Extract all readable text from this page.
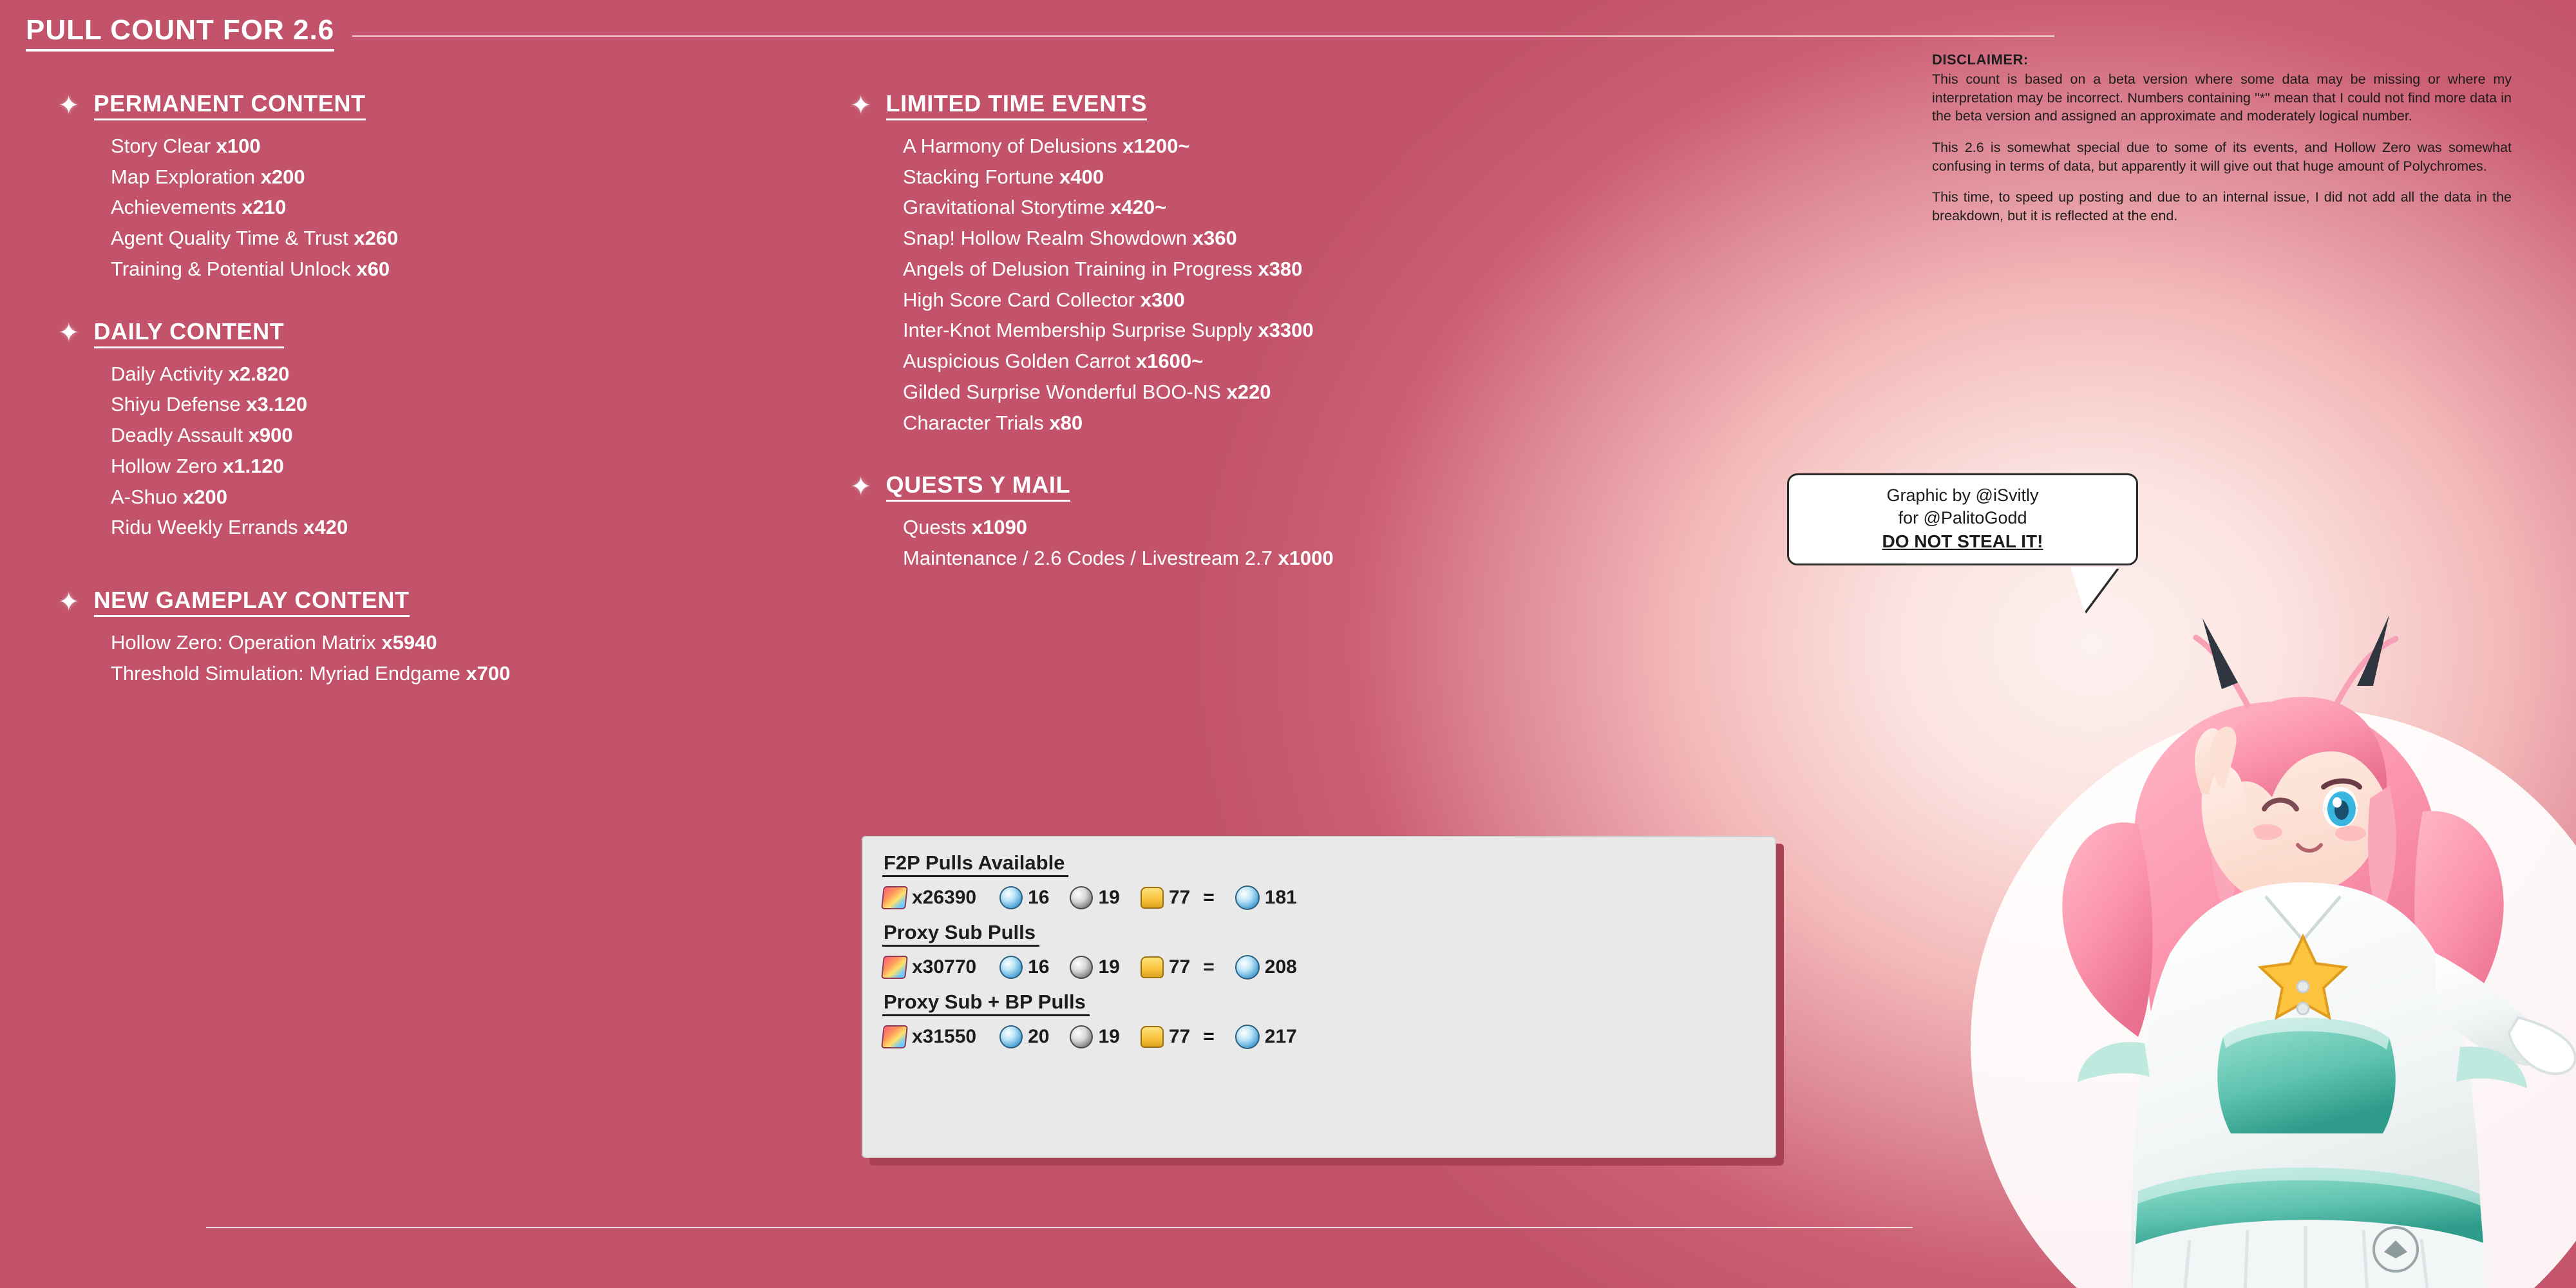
PULL COUNT FOR 2.6
✦ PERMANENT CONTENT
Story Clear x100
Map Exploration x200
Achievements x210
Agent Quality Time & Trust x260
Training & Potential Unlock x60
✦ DAILY CONTENT
Daily Activity x2.820
Shiyu Defense x3.120
Deadly Assault x900
Hollow Zero x1.120
A-Shuo x200
Ridu Weekly Errands x420
✦ NEW GAMEPLAY CONTENT
Hollow Zero: Operation Matrix x5940
Threshold Simulation: Myriad Endgame x700
✦ LIMITED TIME EVENTS
A Harmony of Delusions x1200~
Stacking Fortune x400
Gravitational Storytime x420~
Snap! Hollow Realm Showdown x360
Angels of Delusion Training in Progress x380
High Score Card Collector x300
Inter-Knot Membership Surprise Supply x3300
Auspicious Golden Carrot x1600~
Gilded Surprise Wonderful BOO-NS x220
Character Trials x80
✦ QUESTS Y MAIL
Quests x1090
Maintenance / 2.6 Codes / Livestream 2.7 x1000
DISCLAIMER:

This count is based on a beta version where some data may be missing or where my interpretation may be incorrect. Numbers containing "*" mean that I could not find more data in the beta version and assigned an approximate and moderately logical number.

This 2.6 is somewhat special due to some of its events, and Hollow Zero was somewhat confusing in terms of data, but apparently it will give out that huge amount of Polychromes.

This time, to speed up posting and due to an internal issue, I did not add all the data in the breakdown, but it is reflected at the end.

Graphic by @iSvitly
for @PalitoGodd
DO NOT STEAL IT!
F2P Pulls Available
x26390	16	19	77 =	181
Proxy Sub Pulls
x30770	16	19	77 =	208
Proxy Sub + BP Pulls
x31550	20	19	77 =	217
